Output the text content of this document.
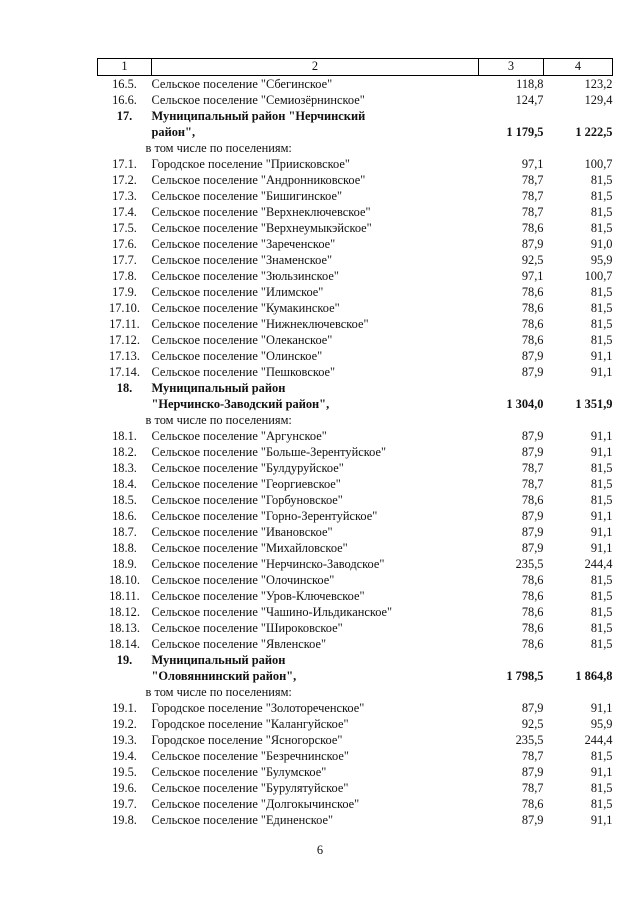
1	2	3	4
16.5.	Сельское поселение "Сбегинское"	118,8	123,2
16.6.	Сельское поселение "Семиозёрнинское"	124,7	129,4
17.	Муниципальный район "Нерчинский		
	район",	1 179,5	1 222,5
	в том числе по поселениям:		
17.1.	Городское поселение "Приисковское"	97,1	100,7
17.2.	Сельское поселение "Андронниковское"	78,7	81,5
17.3.	Сельское поселение "Бишигинское"	78,7	81,5
17.4.	Сельское поселение "Верхнеключевское"	78,7	81,5
17.5.	Сельское поселение "Верхнеумыкэйское"	78,6	81,5
17.6.	Сельское поселение "Зареченское"	87,9	91,0
17.7.	Сельское поселение "Знаменское"	92,5	95,9
17.8.	Сельское поселение "Зюльзинское"	97,1	100,7
17.9.	Сельское поселение "Илимское"	78,6	81,5
17.10.	Сельское поселение "Кумакинское"	78,6	81,5
17.11.	Сельское поселение "Нижнеключевское"	78,6	81,5
17.12.	Сельское поселение "Олеканское"	78,6	81,5
17.13.	Сельское поселение "Олинское"	87,9	91,1
17.14.	Сельское поселение "Пешковское"	87,9	91,1
18.	Муниципальный район		
	"Нерчинско-Заводский район",	1 304,0	1 351,9
	в том числе по поселениям:		
18.1.	Сельское поселение "Аргунское"	87,9	91,1
18.2.	Сельское поселение "Больше-Зерентуйское"	87,9	91,1
18.3.	Сельское поселение "Булдуруйское"	78,7	81,5
18.4.	Сельское поселение "Георгиевское"	78,7	81,5
18.5.	Сельское поселение "Горбуновское"	78,6	81,5
18.6.	Сельское поселение "Горно-Зерентуйское"	87,9	91,1
18.7.	Сельское поселение "Ивановское"	87,9	91,1
18.8.	Сельское поселение "Михайловское"	87,9	91,1
18.9.	Сельское поселение "Нерчинско-Заводское"	235,5	244,4
18.10.	Сельское поселение "Олочинское"	78,6	81,5
18.11.	Сельское поселение "Уров-Ключевское"	78,6	81,5
18.12.	Сельское поселение "Чашино-Ильдиканское"	78,6	81,5
18.13.	Сельское поселение "Широковское"	78,6	81,5
18.14.	Сельское поселение "Явленское"	78,6	81,5
19.	Муниципальный район		
	"Оловяннинский район",	1 798,5	1 864,8
	в том числе по поселениям:		
19.1.	Городское поселение "Золотореченское"	87,9	91,1
19.2.	Городское поселение "Калангуйское"	92,5	95,9
19.3.	Городское поселение "Ясногорское"	235,5	244,4
19.4.	Сельское поселение "Безречнинское"	78,7	81,5
19.5.	Сельское поселение "Булумское"	87,9	91,1
19.6.	Сельское поселение "Бурулятуйское"	78,7	81,5
19.7.	Сельское поселение "Долгокычинское"	78,6	81,5
19.8.	Сельское поселение "Единенское"	87,9	91,1
6
